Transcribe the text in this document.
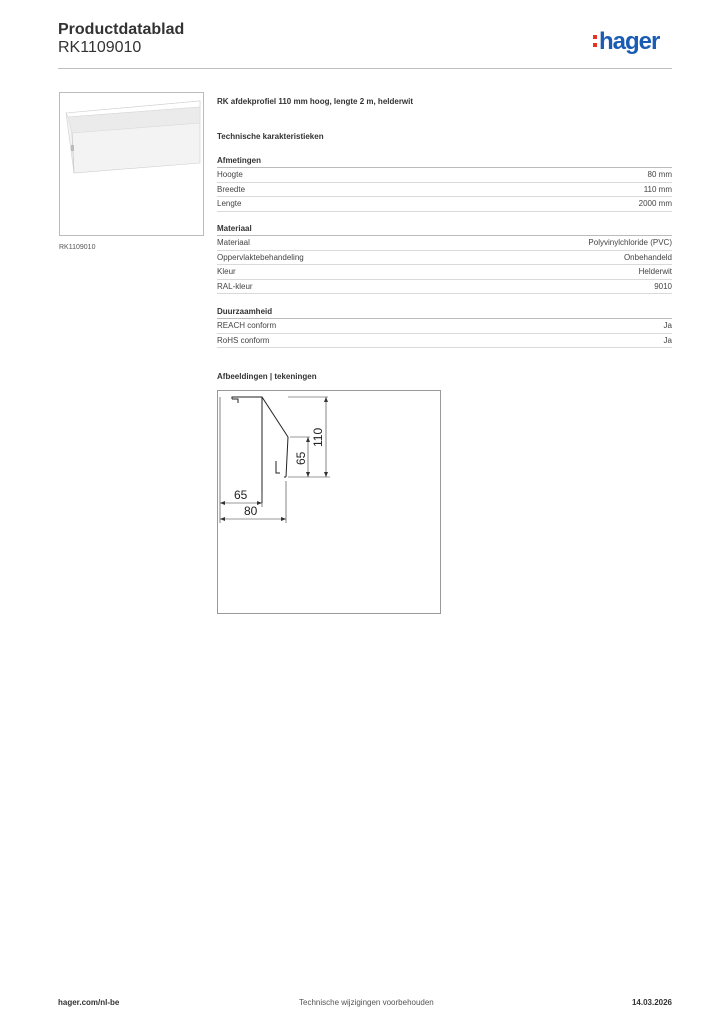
Productdatablad
RK1109010	hager
RK1109010
RK afdekprofiel 110 mm hoog, lengte 2 m, helderwit
Technische karakteristieken
Afmetingen
Hoogte	80 mm
Breedte	110 mm
Lengte	2000 mm
Materiaal
Materiaal	Polyvinylchloride (PVC)
Oppervlaktebehandeling	Onbehandeld
Kleur	Helderwit
RAL-kleur	9010
Duurzaamheid
REACH conform	Ja
RoHS conform	Ja
Afbeeldingen | tekeningen
110
65
65
80
hager.com/nl-be	Technische wijzigingen voorbehouden	14.03.2026
